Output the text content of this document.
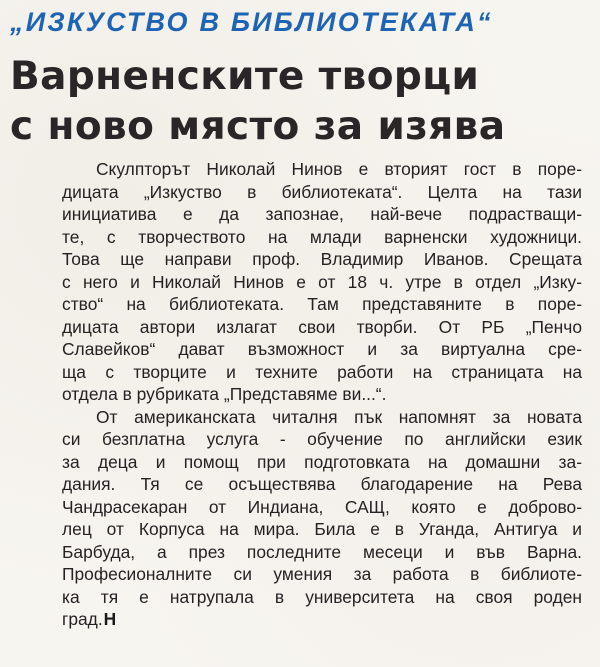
„ИЗКУСТВО В БИБЛИОТЕКАТА“
Варненските творци
с ново място за изява

Скулпторът Николай Нинов е вторият гост в поре-
дицата „Изкуство в библиотеката“. Целта на тази
инициатива е да запознае, най-вече подрастващи-
те, с творчеството на млади варненски художници.
Това ще направи проф. Владимир Иванов. Срещата
с него и Николай Нинов е от 18 ч. утре в отдел „Изку-
ство“ на библиотеката. Там представяните в поре-
дицата автори излагат свои творби. От РБ „Пенчо
Славейков“ дават възможност и за виртуална сре-
ща с творците и техните работи на страницата на
отдела в рубриката „Представяме ви...“.

От американската читалня пък напомнят за новата
си безплатна услуга - обучение по английски език
за деца и помощ при подготовката на домашни за-
дания. Тя се осъществява благодарение на Рева
Чандрасекаран от Индиана, САЩ, която е доброво-
лец от Корпуса на мира. Била е в Уганда, Антигуа и
Барбуда, а през последните месеци и във Варна.
Професионалните си умения за работа в библиоте-
ка тя е натрупала в университета на своя роден
град.Н
